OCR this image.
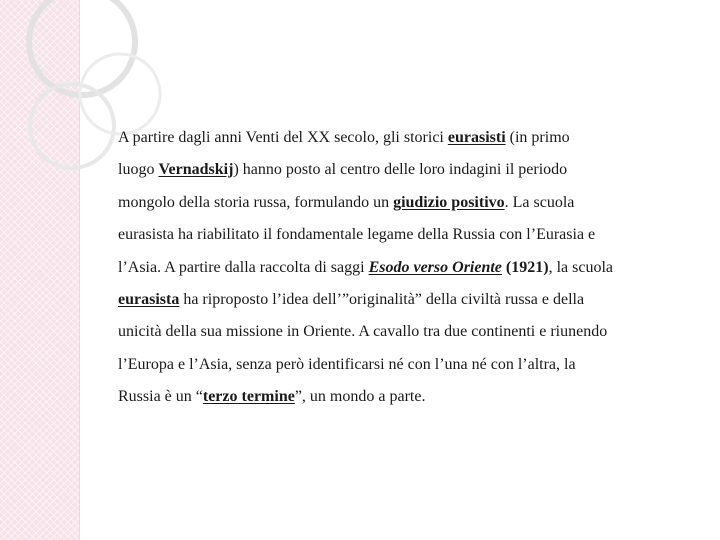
A partire dagli anni Venti del XX secolo, gli storici eurasisti (in primo
luogo Vernadskij) hanno posto al centro delle loro indagini il periodo
mongolo della storia russa, formulando un giudizio positivo. La scuola
eurasista ha riabilitato il fondamentale legame della Russia con l’Eurasia e
l’Asia. A partire dalla raccolta di saggi Esodo verso Oriente (1921), la scuola
eurasista ha riproposto l’idea dell’”originalità” della civiltà russa e della
unicità della sua missione in Oriente. A cavallo tra due continenti e riunendo
l’Europa e l’Asia, senza però identificarsi né con l’una né con l’altra, la
Russia è un “terzo termine”, un mondo a parte.
